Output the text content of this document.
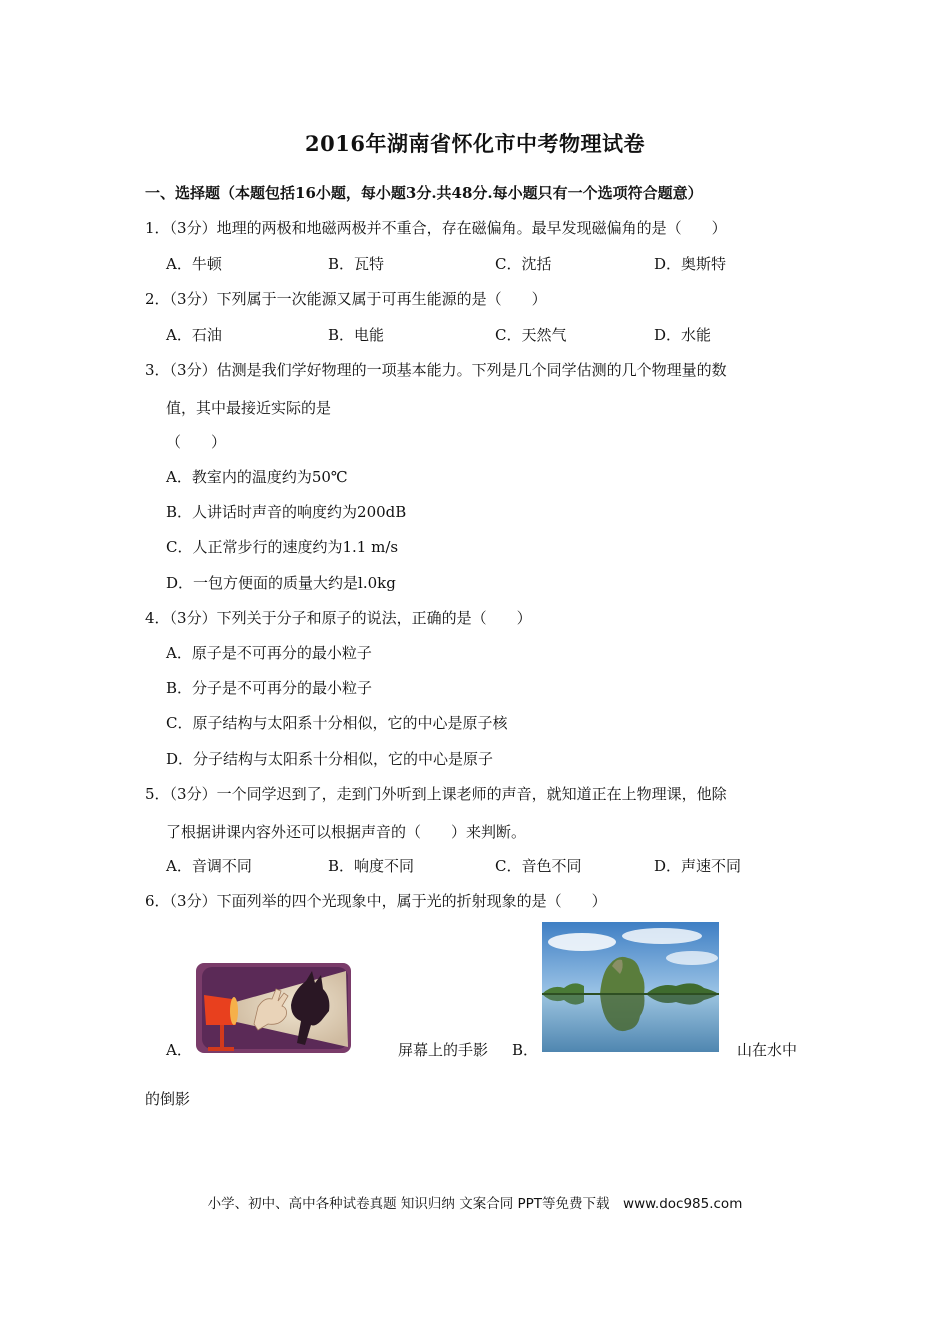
2016年湖南省怀化市中考物理试卷
一、选择题（本题包括16小题，每小题3分.共48分.每小题只有一个选项符合题意）
1．（3分）地理的两极和地磁两极并不重合，存在磁偏角。最早发现磁偏角的是（　　）
A．牛顿	B．瓦特	C．沈括	D．奥斯特
2．（3分）下列属于一次能源又属于可再生能源的是（　　）
A．石油	B．电能	C．天然气	D．水能
3．（3分）估测是我们学好物理的一项基本能力。下列是几个同学估测的几个物理量的数
值，其中最接近实际的是
（　　）
A．教室内的温度约为50℃
B．人讲话时声音的响度约为200dB
C．人正常步行的速度约为1.1 m/s
D．一包方便面的质量大约是l.0kg
4．（3分）下列关于分子和原子的说法，正确的是（　　）
A．原子是不可再分的最小粒子
B．分子是不可再分的最小粒子
C．原子结构与太阳系十分相似，它的中心是原子核
D．分子结构与太阳系十分相似，它的中心是原子
5．（3分）一个同学迟到了，走到门外听到上课老师的声音，就知道正在上物理课，他除
了根据讲课内容外还可以根据声音的（　　）来判断。
A．音调不同	B．响度不同	C．音色不同	D．声速不同
6．（3分）下面列举的四个光现象中，属于光的折射现象的是（　　）
A．	屏幕上的手影 B．	山在水中
的倒影
小学、初中、高中各种试卷真题 知识归纳 文案合同 PPT等免费下载　www.doc985.com
